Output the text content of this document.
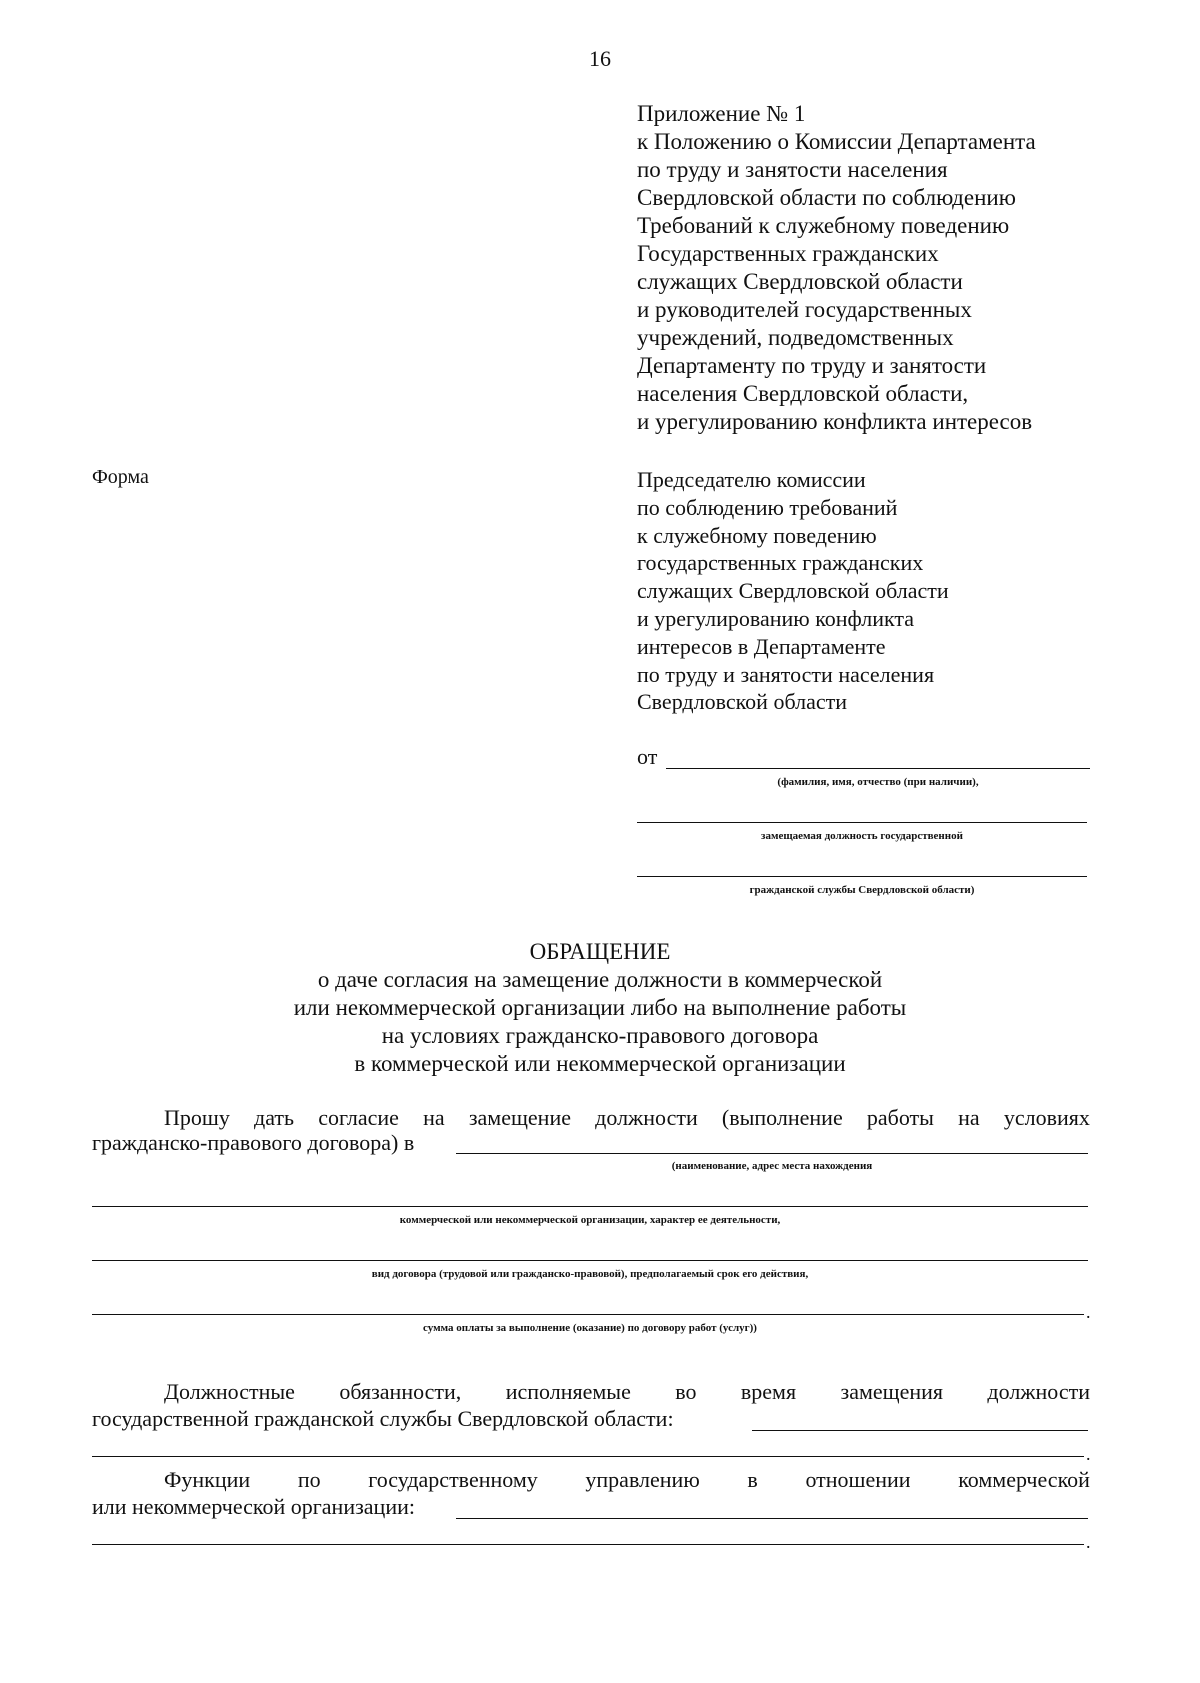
16
Приложение № 1
к Положению о Комиссии Департамента
по труду и занятости населения
Свердловской области по соблюдению
Требований к служебному поведению
Государственных гражданских
служащих Свердловской области
и руководителей государственных
учреждений, подведомственных
Департаменту по труду и занятости
населения Свердловской области,
и урегулированию конфликта интересов
Форма	Председателю комиссии
по соблюдению требований
к служебному поведению
государственных гражданских
служащих Свердловской области
и урегулированию конфликта
интересов в Департаменте
по труду и занятости населения
Свердловской области
от
(фамилия, имя, отчество (при наличии),
замещаемая должность государственной
гражданской службы Свердловской области)
ОБРАЩЕНИЕ
о даче согласия на замещение должности в коммерческой
или некоммерческой организации либо на выполнение работы
на условиях гражданско-правового договора
в коммерческой или некоммерческой организации
Прошу дать согласие на замещение должности (выполнение работы на условиях
гражданско-правового договора) в
(наименование, адрес места нахождения
коммерческой или некоммерческой организации, характер ее деятельности,
вид договора (трудовой или гражданско-правовой), предполагаемый срок его действия,
.
сумма оплаты за выполнение (оказание) по договору работ (услуг))
Должностные обязанности, исполняемые во время замещения должности
государственной гражданской службы Свердловской области:
.
Функции по государственному управлению в отношении коммерческой
или некоммерческой организации:
.
